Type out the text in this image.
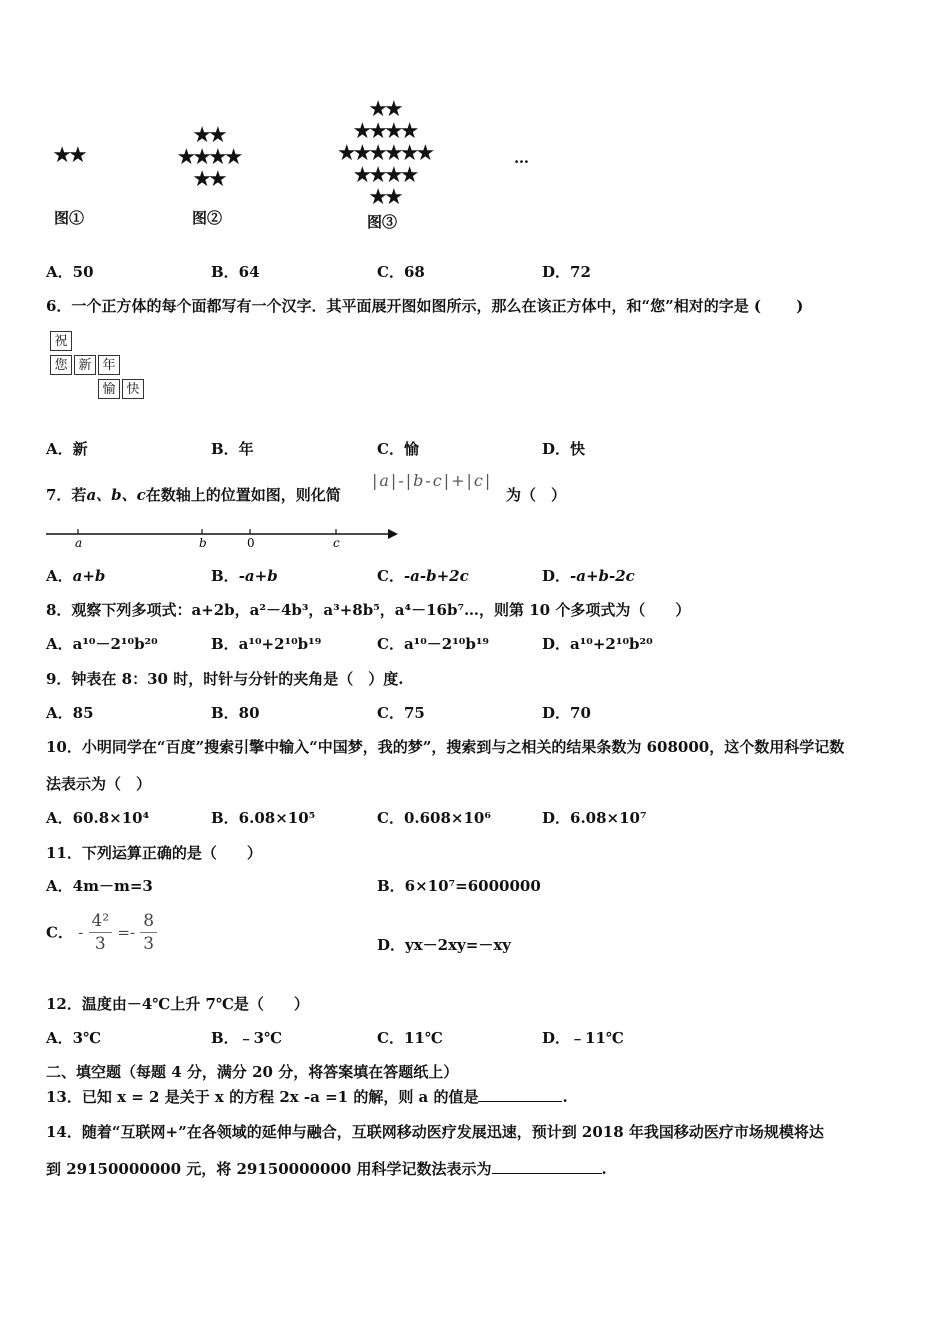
★★
图①
★★
★★★★
★★
图②
★★
★★★★
★★★★★★
★★★★
★★
图③
…
A．50	B．64	C．68	D．72
6．一个正方体的每个面都写有一个汉字．其平面展开图如图所示，那么在该正方体中，和“您”相对的字是 (　　 )
祝
您 新 年
愉 快
A．新	B．年	C．愉	D．快
7．若a、b、c在数轴上的位置如图，则化简
|a|-|b-c|+|c|
为（　）
a	b	0	c
A．a+b	B．-a+b	C．-a-b+2c	D．-a+b-2c
8．观察下列多项式：a+2b，a²－4b³，a³+8b⁵，a⁴－16b⁷…，则第 10 个多项式为（　　）
A．a¹⁰－2¹⁰b²⁰	B．a¹⁰+2¹⁰b¹⁹	C．a¹⁰－2¹⁰b¹⁹	D．a¹⁰+2¹⁰b²⁰
9．钟表在 8：30 时，时针与分针的夹角是（　）度.
A．85	B．80	C．75	D．70
10．小明同学在“百度”搜索引擎中输入“中国梦，我的梦”，搜索到与之相关的结果条数为 608000，这个数用科学记数
法表示为（　）
A．60.8×10⁴	B．6.08×10⁵	C．0.608×10⁶	D．6.08×10⁷
11．下列运算正确的是（　　）
A．4m－m=3	B．6×10⁷=6000000
C． - $\frac{\text{4²}}{3} =- \frac{8}{3}$	D．yx－2xy=－xy
12．温度由－4℃上升 7℃是（　　）
A．3℃	B．﹣3℃	C．11℃	D．﹣11℃
二、填空题（每题 4 分，满分 20 分，将答案填在答题纸上）
13．已知 x = 2 是关于 x 的方程 2x -a =1 的解，则 a 的值是	.
14．随着“互联网+”在各领域的延伸与融合，互联网移动医疗发展迅速，预计到 2018 年我国移动医疗市场规模将达
到 29150000000 元，将 29150000000 用科学记数法表示为	.
